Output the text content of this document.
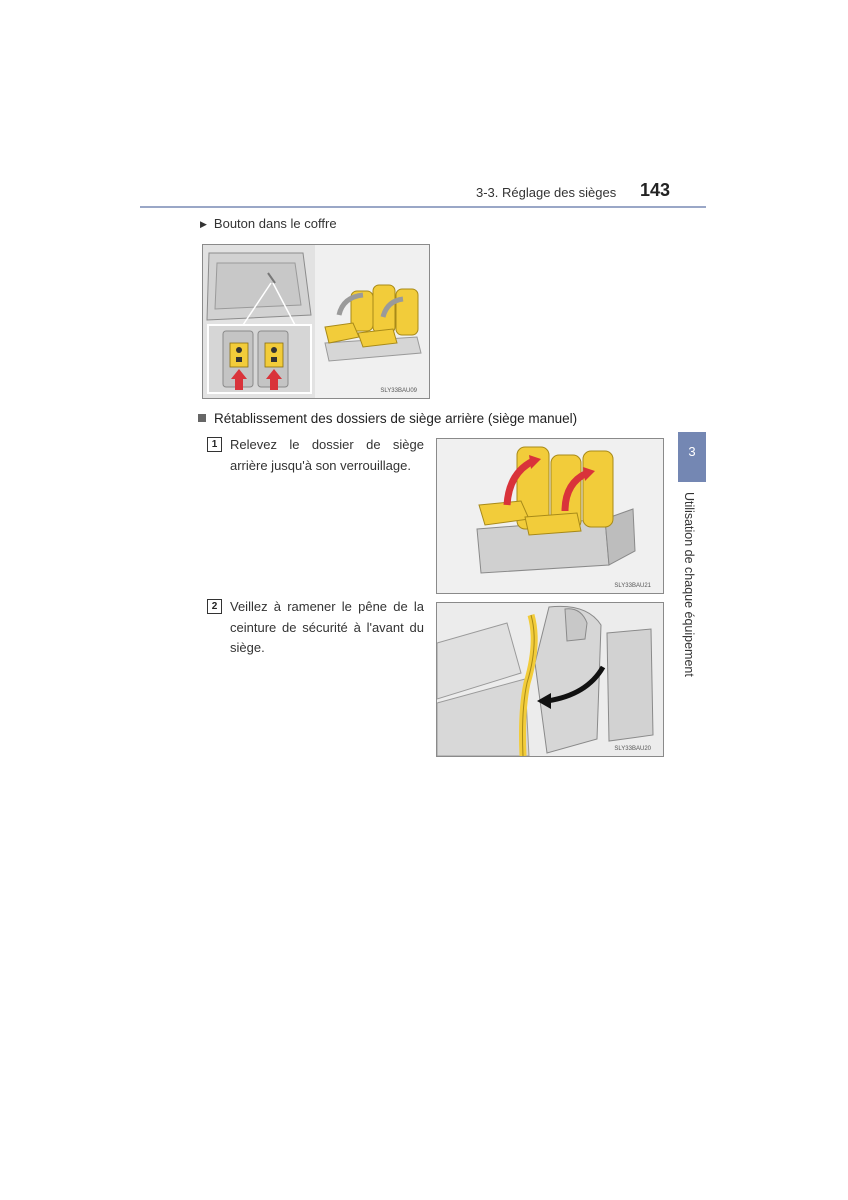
3-3. Réglage des sièges 143
▶ Bouton dans le coffre
SLY33BAU09
Rétablissement des dossiers de siège arrière (siège manuel)
1 Relevez le dossier de siège arrière jusqu'à son verrouillage.
SLY33BAU21
2 Veillez à ramener le pêne de la ceinture de sécurité à l'avant du siège.
SLY33BAU20
3
Utilisation de chaque équipement
